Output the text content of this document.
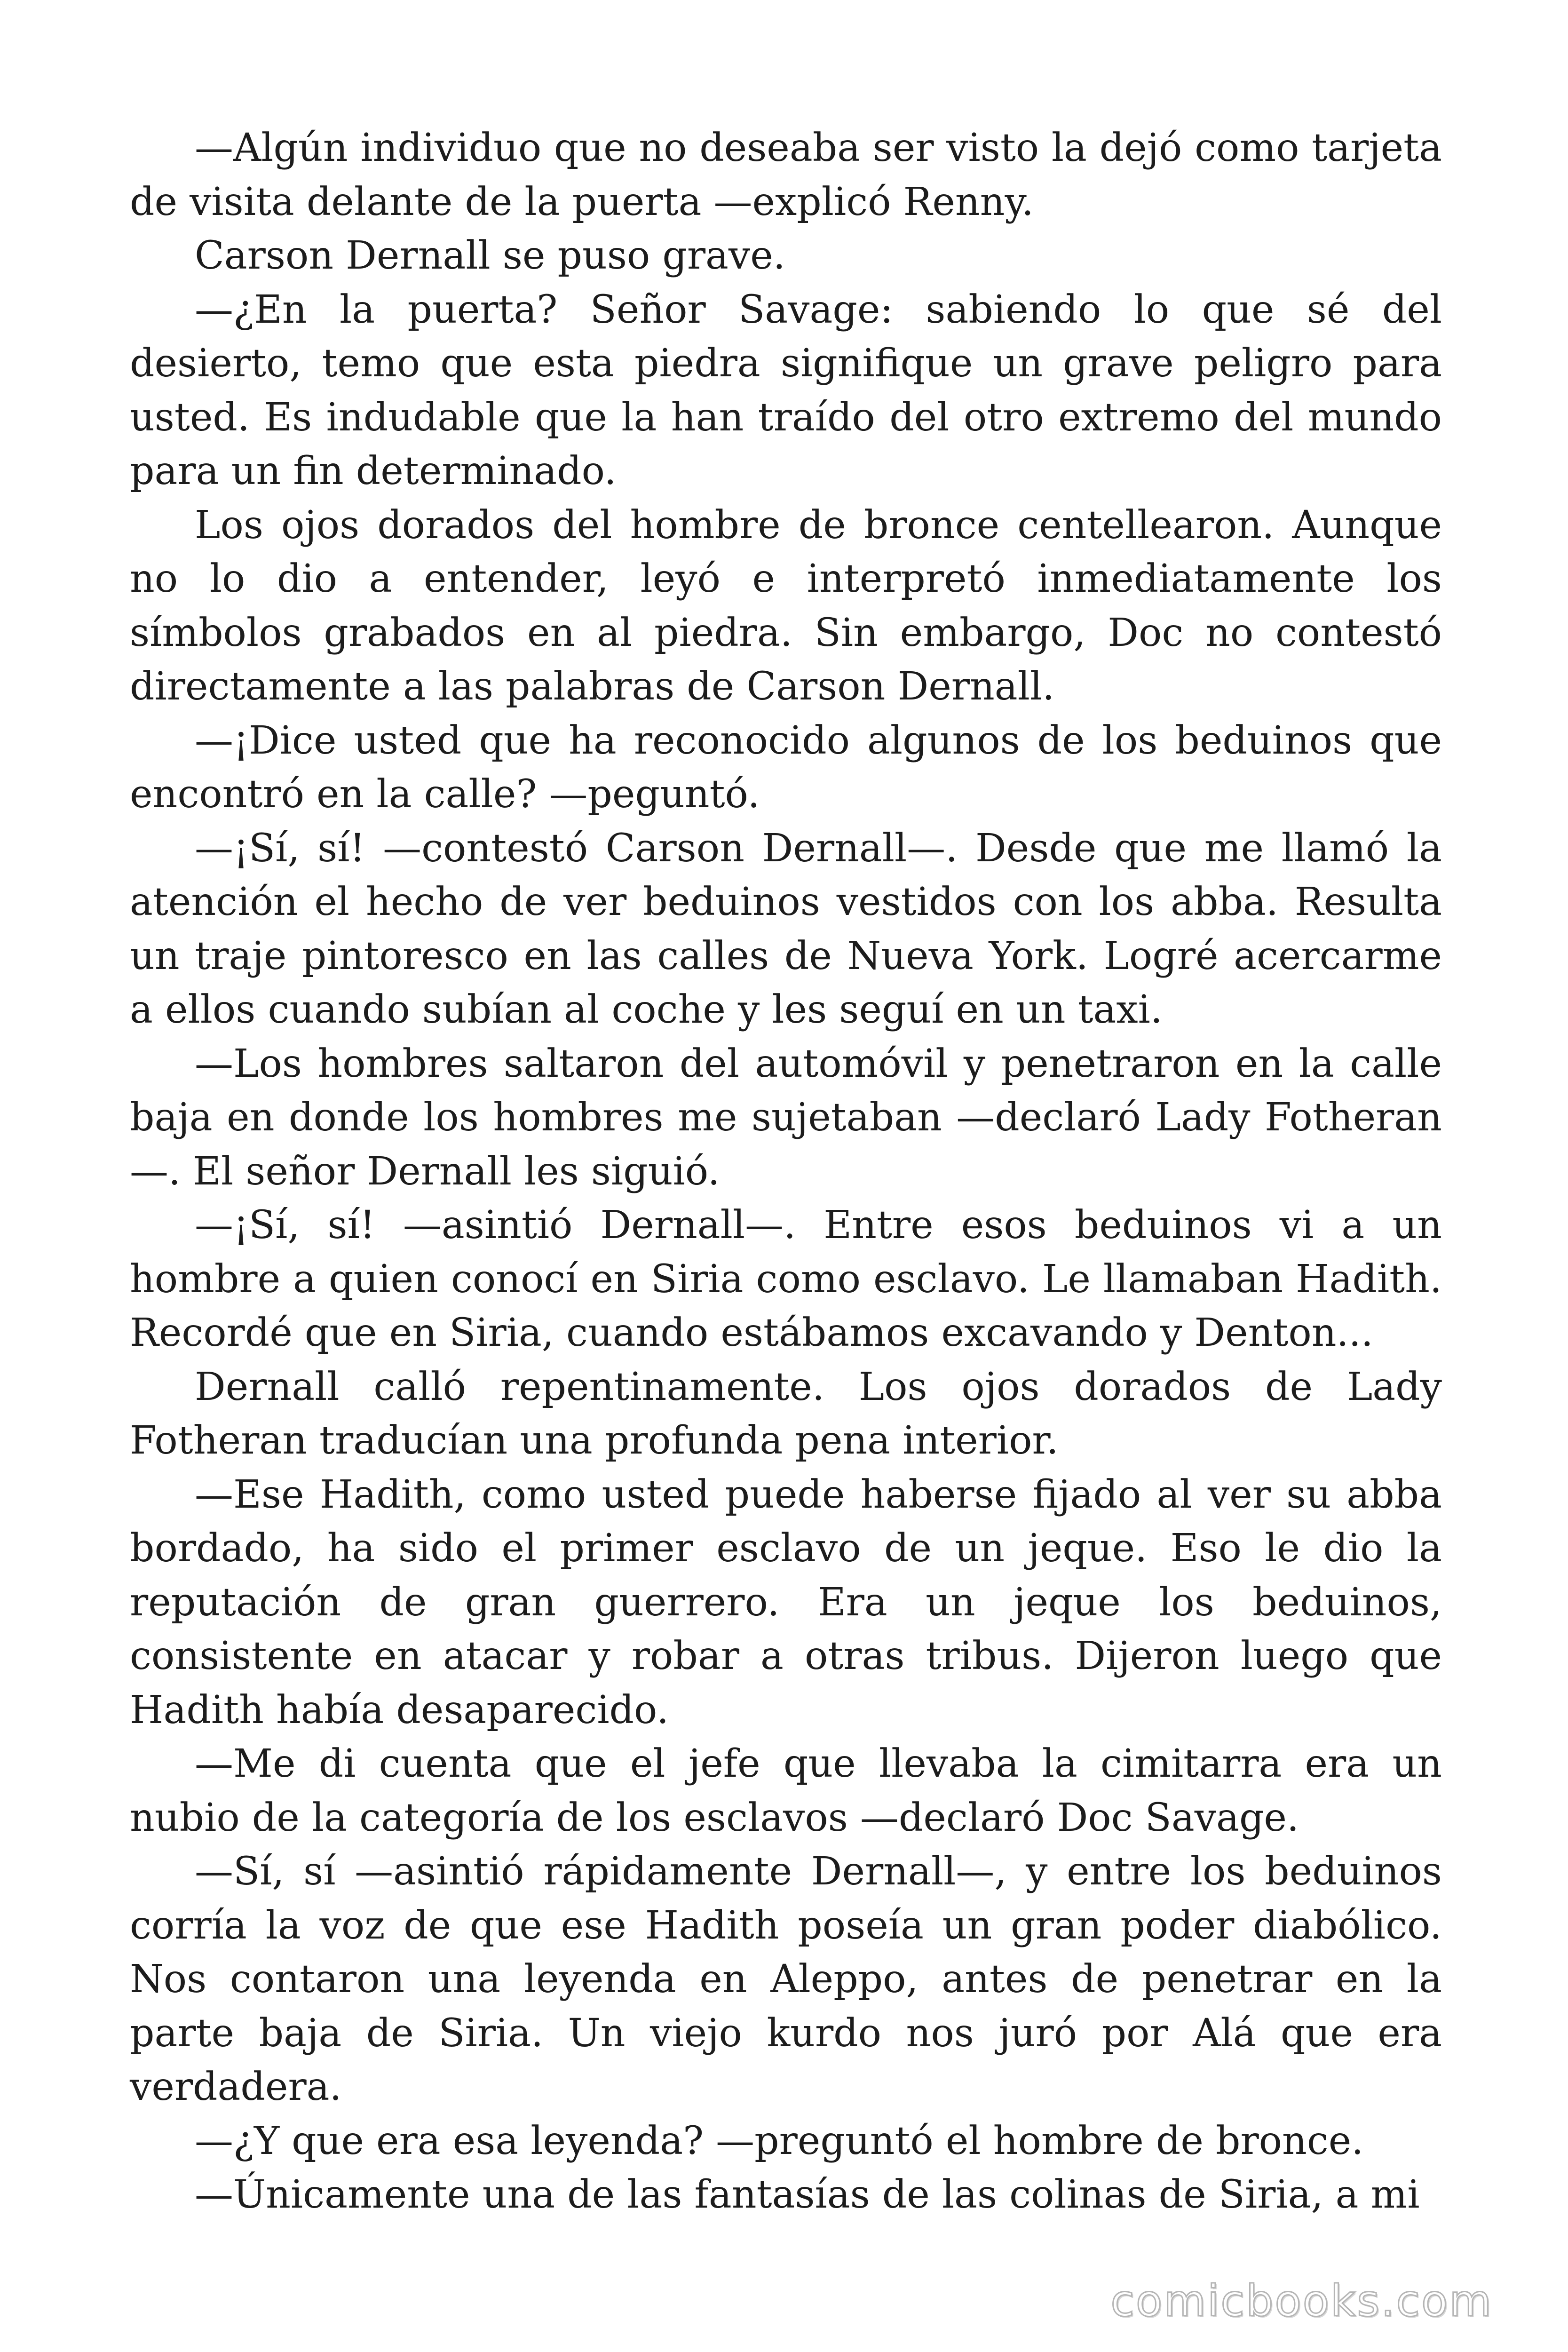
—Algún individuo que no deseaba ser visto la dejó como tarjeta de visita delante de la puerta —explicó Renny.

Carson Dernall se puso grave.

—¿En la puerta? Señor Savage: sabiendo lo que sé del desierto, temo que esta piedra signifique un grave peligro para usted. Es indudable que la han traído del otro extremo del mundo para un fin determinado.

Los ojos dorados del hombre de bronce centellearon. Aunque no lo dio a entender, leyó e interpretó inmediatamente los símbolos grabados en al piedra. Sin embargo, Doc no contestó directamente a las palabras de Carson Dernall.

—¡Dice usted que ha reconocido algunos de los beduinos que encontró en la calle? —peguntó.

—¡Sí, sí! —contestó Carson Dernall—. Desde que me llamó la atención el hecho de ver beduinos vestidos con los abba. Resulta un traje pintoresco en las calles de Nueva York. Logré acercarme a ellos cuando subían al coche y les seguí en un taxi.

—Los hombres saltaron del automóvil y penetraron en la calle baja en donde los hombres me sujetaban —declaró Lady Fotheran —. El señor Dernall les siguió.

—¡Sí, sí! —asintió Dernall—. Entre esos beduinos vi a un hombre a quien conocí en Siria como esclavo. Le llamaban Hadith. Recordé que en Siria, cuando estábamos excavando y Denton...

Dernall calló repentinamente. Los ojos dorados de Lady Fotheran traducían una profunda pena interior.

—Ese Hadith, como usted puede haberse fijado al ver su abba bordado, ha sido el primer esclavo de un jeque. Eso le dio la reputación de gran guerrero. Era un jeque los beduinos, consistente en atacar y robar a otras tribus. Dijeron luego que Hadith había desaparecido.

—Me di cuenta que el jefe que llevaba la cimitarra era un nubio de la categoría de los esclavos —declaró Doc Savage.

—Sí, sí —asintió rápidamente Dernall—, y entre los beduinos corría la voz de que ese Hadith poseía un gran poder diabólico. Nos contaron una leyenda en Aleppo, antes de penetrar en la parte baja de Siria. Un viejo kurdo nos juró por Alá que era verdadera.

—¿Y que era esa leyenda? —preguntó el hombre de bronce.

—Únicamente una de las fantasías de las colinas de Siria, a mi

comicbooks.com
